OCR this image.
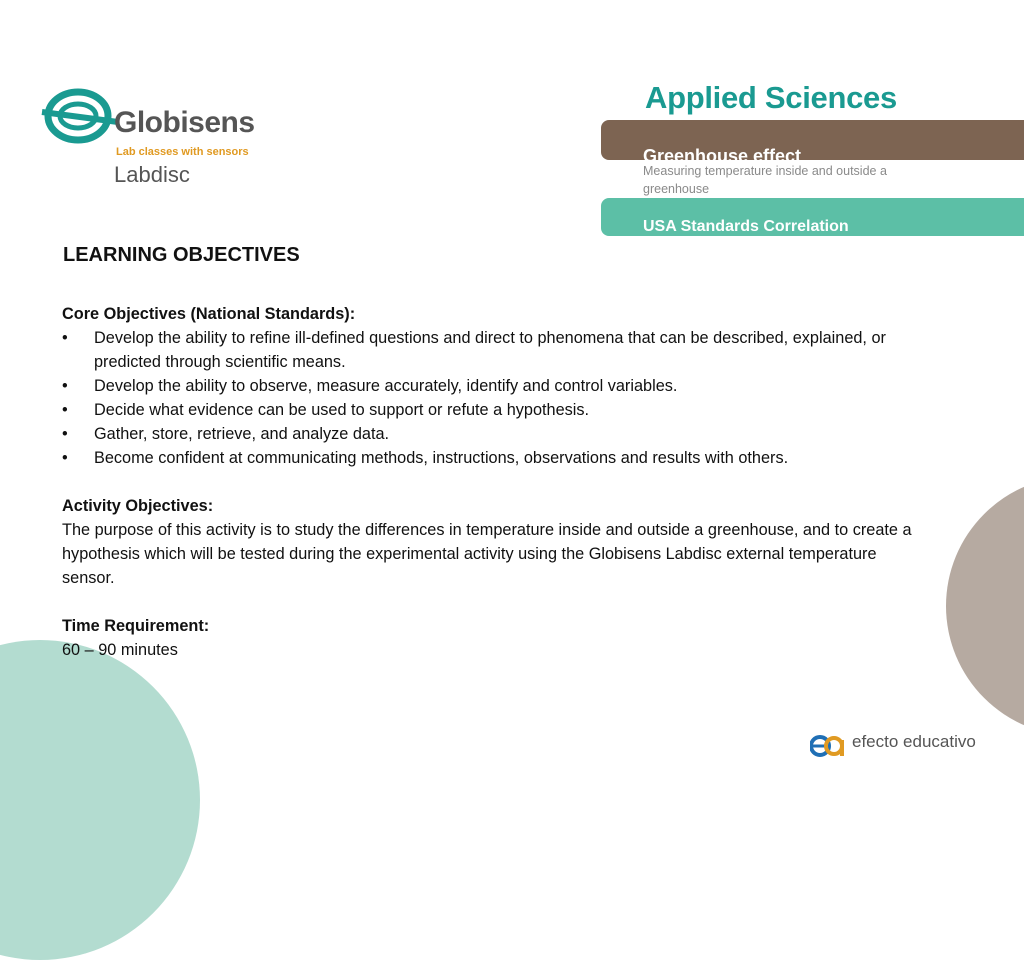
Globisens
Lab classes with sensors
Labdisc
Applied Sciences
Greenhouse effect
Measuring temperature inside and outside a greenhouse
USA Standards Correlation
LEARNING OBJECTIVES
Core Objectives (National Standards):
• Develop the ability to refine ill-defined questions and direct to phenomena that can be described, explained, or predicted through scientific means.
• Develop the ability to observe, measure accurately, identify and control variables.
• Decide what evidence can be used to support or refute a hypothesis.
• Gather, store, retrieve, and analyze data.
• Become confident at communicating methods, instructions, observations and results with others.
Activity Objectives:
The purpose of this activity is to study the differences in temperature inside and outside a greenhouse, and to create a hypothesis which will be tested during the experimental activity using the Globisens Labdisc external temperature sensor.
Time Requirement:
60 – 90 minutes
efecto educativo
